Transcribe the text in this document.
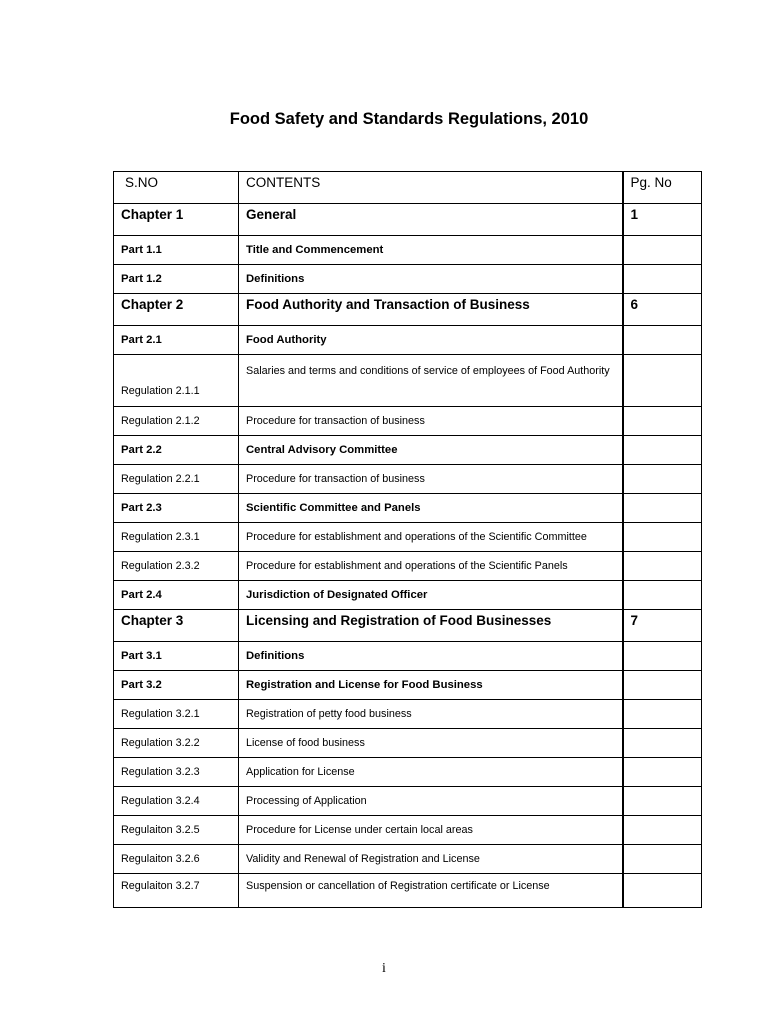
Food Safety and Standards Regulations, 2010
S.NO	CONTENTS	Pg. No
Chapter 1	General	1
Part 1.1	Title and Commencement	
Part 1.2	Definitions	
Chapter 2	Food Authority and Transaction of Business	6
Part 2.1	Food Authority	
Regulation 2.1.1	Salaries and terms and conditions of service of employees of Food Authority	
Regulation 2.1.2	Procedure for transaction of business	
Part 2.2	Central Advisory Committee	
Regulation 2.2.1	Procedure for transaction of business	
Part 2.3	Scientific Committee and Panels	
Regulation 2.3.1	Procedure for establishment and operations of the Scientific Committee	
Regulation 2.3.2	Procedure for establishment and operations of the Scientific Panels	
Part 2.4	Jurisdiction of Designated Officer	
Chapter 3	Licensing and Registration of Food Businesses	7
Part 3.1	Definitions	
Part 3.2	Registration and License for Food Business	
Regulation 3.2.1	Registration of petty food business	
Regulation 3.2.2	License of food business	
Regulation 3.2.3	Application for License	
Regulation 3.2.4	Processing of Application	
Regulaiton 3.2.5	Procedure for License under certain local areas	
Regulaiton 3.2.6	Validity and Renewal of Registration and License	
Regulaiton 3.2.7	Suspension or cancellation of Registration certificate or License	
i
